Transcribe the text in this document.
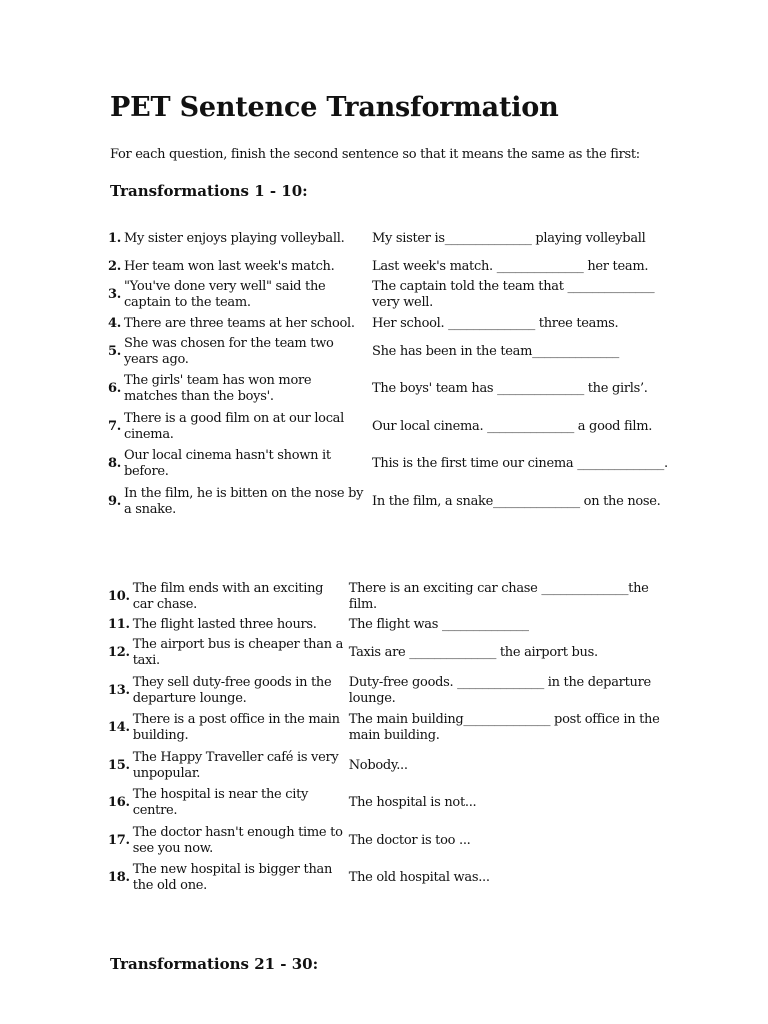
PET Sentence Transformation
For each question, finish the second sentence so that it means the same as the first:
Transformations 1 - 10:
1.	My sister enjoys playing volleyball.	My sister is______________ playing volleyball
2.	Her team won last week's match.	Last week's match. ______________ her team.
3.	"You've done very well" said the captain to the team.	The captain told the team that ______________ very well.
4.	There are three teams at her school.	Her school. ______________ three teams.
5.	She was chosen for the team two years ago.	She has been in the team______________
6.	The girls' team has won more matches than the boys'.	The boys' team has ______________ the girls’.
7.	There is a good film on at our local cinema.	Our local cinema. ______________ a good film.
8.	Our local cinema hasn't shown it before.	This is the first time our cinema ______________.
9.	In the film, he is bitten on the nose by a snake.	In the film, a snake______________ on the nose.
10.	The film ends with an exciting car chase.	There is an exciting car chase ______________the film.
11.	The flight lasted three hours.	The flight was ______________
12.	The airport bus is cheaper than a taxi.	Taxis are ______________ the airport bus.
13.	They sell duty-free goods in the departure lounge.	Duty-free goods. ______________ in the departure lounge.
14.	There is a post office in the main building.	The main building______________ post office in the main building.
15.	The Happy Traveller café is very unpopular.	Nobody...
16.	The hospital is near the city centre.	The hospital is not...
17.	The doctor hasn't enough time to see you now.	The doctor is too ...
18.	The new hospital is bigger than the old one.	The old hospital was...
Transformations 21 - 30:
